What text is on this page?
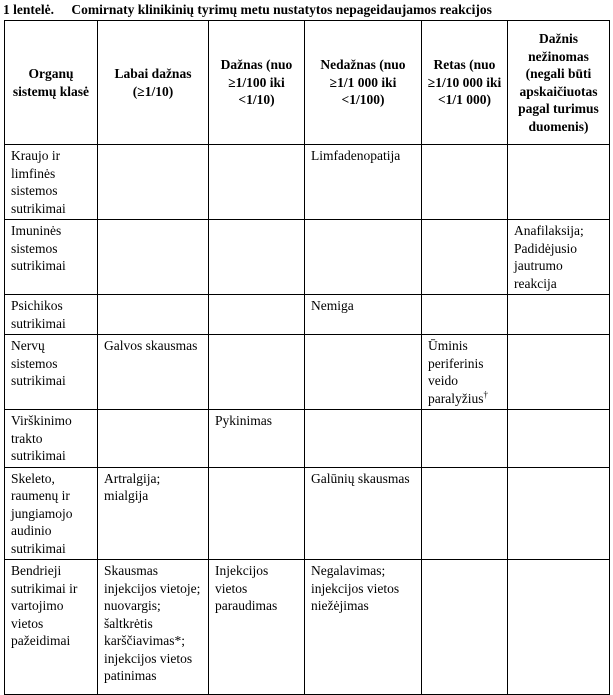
1 lentelė. Comirnaty klinikinių tyrimų metu nustatytos nepageidaujamos reakcijos
Organų sistemų klasė	Labai dažnas (≥1/10)	Dažnas (nuo ≥1/100 iki <1/10)	Nedažnas (nuo ≥1/1 000 iki <1/100)	Retas (nuo ≥1/10 000 iki <1/1 000)	Dažnis nežinomas (negali būti apskaičiuotas pagal turimus duomenis)

Kraujo ir limfinės sistemos sutrikimai			Limfadenopatija		

Imuninės sistemos sutrikimai					Anafilaksija; Padidėjusio jautrumo reakcija

Psichikos sutrikimai			Nemiga		

Nervų sistemos sutrikimai	Galvos skausmas			Ūminis periferinis veido paralyžius†	

Virškinimo trakto sutrikimai		Pykinimas			

Skeleto, raumenų ir jungiamojo audinio sutrikimai	Artralgija; mialgija		Galūnių skausmas		

Bendrieji sutrikimai ir vartojimo vietos pažeidimai	Skausmas injekcijos vietoje; nuovargis; šaltkrėtis karščiavimas*; injekcijos vietos patinimas	Injekcijos vietos paraudimas	Negalavimas; injekcijos vietos niežėjimas		
